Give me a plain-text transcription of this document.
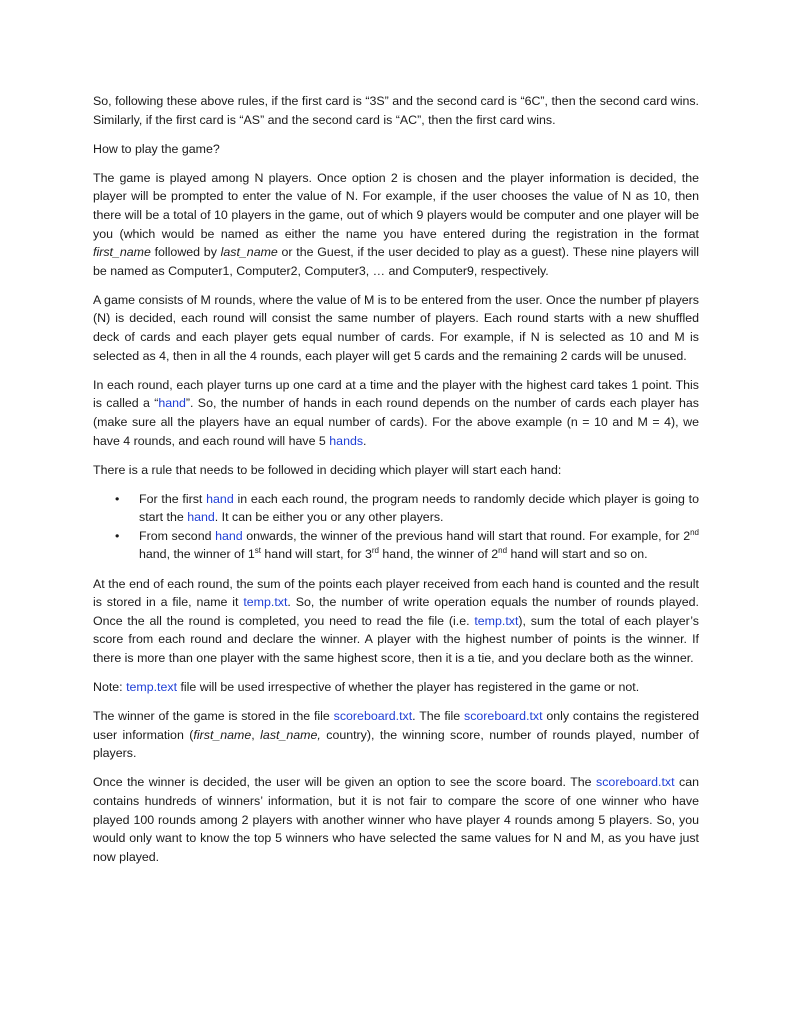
So, following these above rules, if the first card is “3S” and the second card is “6C”, then the second card wins. Similarly, if the first card is “AS” and the second card is “AC”, then the first card wins.

How to play the game?

The game is played among N players. Once option 2 is chosen and the player information is decided, the player will be prompted to enter the value of N. For example, if the user chooses the value of N as 10, then there will be a total of 10 players in the game, out of which 9 players would be computer and one player will be you (which would be named as either the name you have entered during the registration in the format first_name followed by last_name or the Guest, if the user decided to play as a guest). These nine players will be named as Computer1, Computer2, Computer3, … and Computer9, respectively.

A game consists of M rounds, where the value of M is to be entered from the user. Once the number pf players (N) is decided, each round will consist the same number of players. Each round starts with a new shuffled deck of cards and each player gets equal number of cards. For example, if N is selected as 10 and M is selected as 4, then in all the 4 rounds, each player will get 5 cards and the remaining 2 cards will be unused.

In each round, each player turns up one card at a time and the player with the highest card takes 1 point. This is called a “hand”. So, the number of hands in each round depends on the number of cards each player has (make sure all the players have an equal number of cards). For the above example (n = 10 and M = 4), we have 4 rounds, and each round will have 5 hands.

There is a rule that needs to be followed in deciding which player will start each hand:

• For the first hand in each each round, the program needs to randomly decide which player is going to start the hand. It can be either you or any other players.
• From second hand onwards, the winner of the previous hand will start that round. For example, for 2nd hand, the winner of 1st hand will start, for 3rd hand, the winner of 2nd hand will start and so on.

At the end of each round, the sum of the points each player received from each hand is counted and the result is stored in a file, name it temp.txt. So, the number of write operation equals the number of rounds played. Once the all the round is completed, you need to read the file (i.e. temp.txt), sum the total of each player’s score from each round and declare the winner. A player with the highest number of points is the winner. If there is more than one player with the same highest score, then it is a tie, and you declare both as the winner.

Note: temp.text file will be used irrespective of whether the player has registered in the game or not.

The winner of the game is stored in the file scoreboard.txt. The file scoreboard.txt only contains the registered user information (first_name, last_name, country), the winning score, number of rounds played, number of players.

Once the winner is decided, the user will be given an option to see the score board. The scoreboard.txt can contains hundreds of winners’ information, but it is not fair to compare the score of one winner who have played 100 rounds among 2 players with another winner who have player 4 rounds among 5 players. So, you would only want to know the top 5 winners who have selected the same values for N and M, as you have just now played.
